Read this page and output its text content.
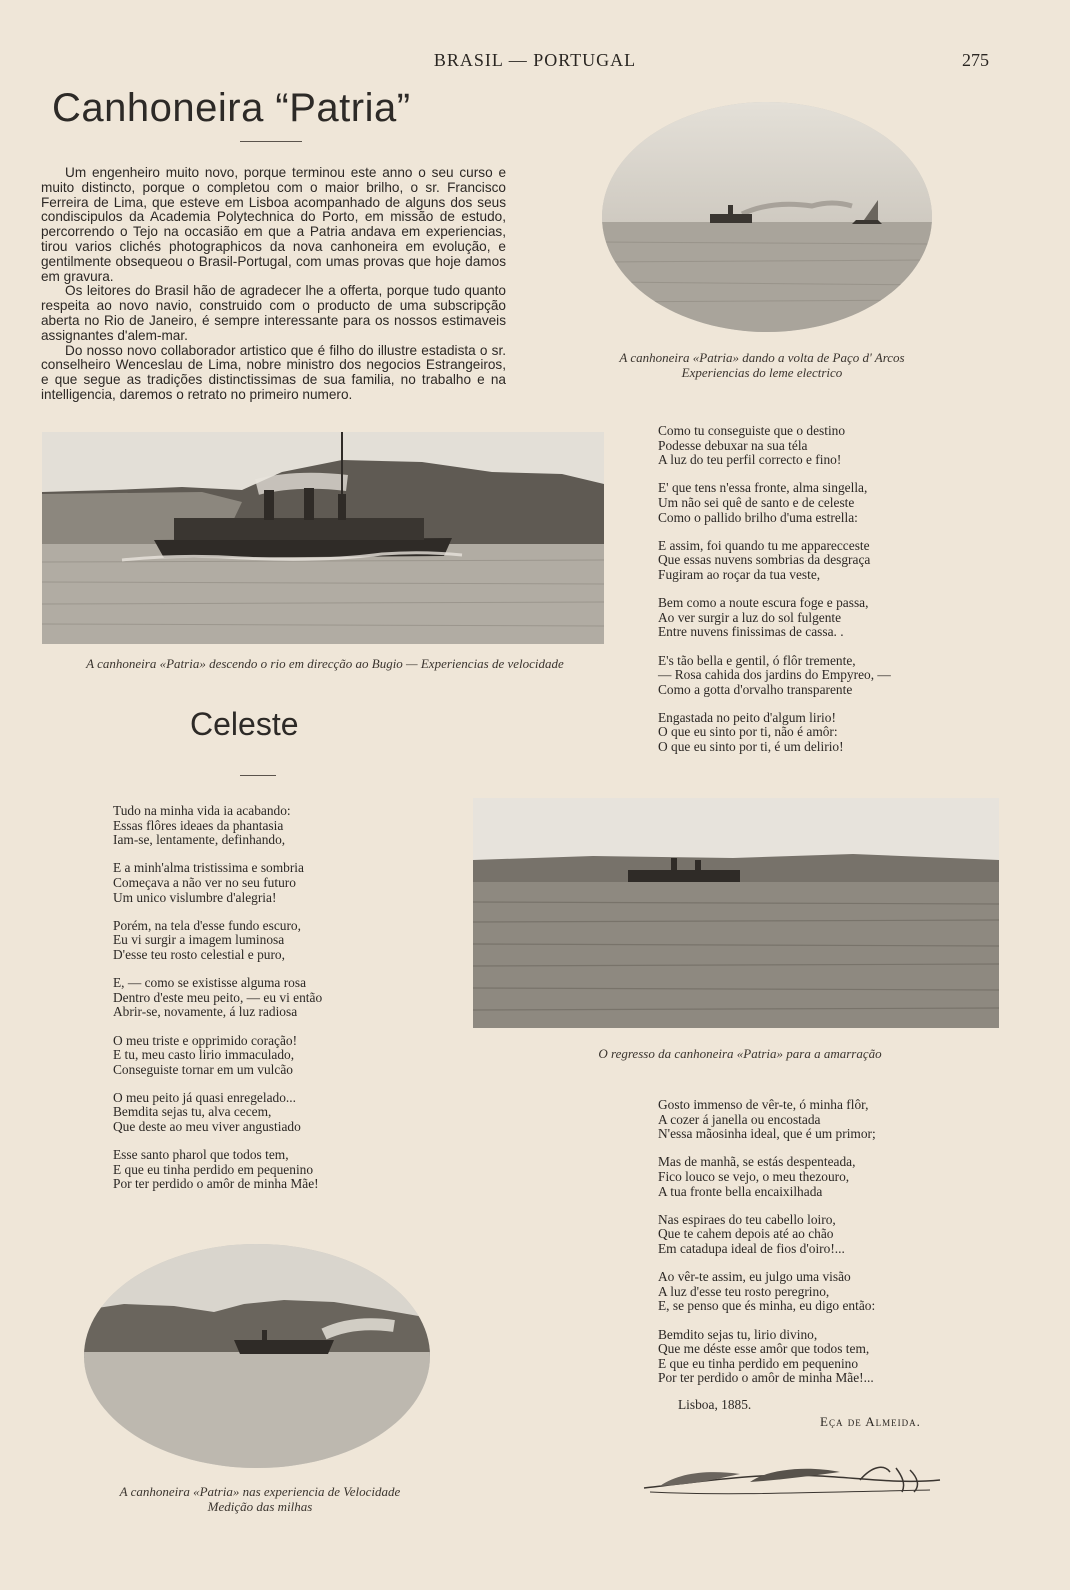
BRASIL — PORTUGAL	275
Canhoneira “Patria”

Um engenheiro muito novo, porque terminou este anno o seu curso e muito distincto, porque o completou com o maior brilho, o sr. Francisco Ferreira de Lima, que esteve em Lisboa acompanhado de alguns dos seus condiscipulos da Academia Polytechnica do Porto, em missão de estudo, percorrendo o Tejo na occasião em que a Patria andava em experiencias, tirou varios clichés photographicos da nova canhoneira em evolução, e gentilmente obsequeou o Brasil-Portugal, com umas provas que hoje damos em gravura.

Os leitores do Brasil hão de agradecer lhe a offerta, porque tudo quanto respeita ao novo navio, construido com o producto de uma subscripção aberta no Rio de Janeiro, é sempre interessante para os nossos estimaveis assignantes d'alem-mar.

Do nosso novo collaborador artistico que é filho do illustre estadista o sr. conselheiro Wenceslau de Lima, nobre ministro dos negocios Estrangeiros, e que segue as tradições distinctissimas de sua familia, no trabalho e na intelligencia, daremos o retrato no primeiro numero.

A canhoneira «Patria» dando a volta de Paço d' Arcos
Experiencias do leme electrico
A canhoneira «Patria» descendo o rio em direcção ao Bugio — Experiencias de velocidade
Celeste
Tudo na minha vida ia acabando:
Essas flôres ideaes da phantasia
Iam-se, lentamente, definhando,
E a minh'alma tristissima e sombria
Começava a não ver no seu futuro
Um unico vislumbre d'alegria!
Porém, na tela d'esse fundo escuro,
Eu vi surgir a imagem luminosa
D'esse teu rosto celestial e puro,
E, — como se existisse alguma rosa
Dentro d'este meu peito, — eu vi então
Abrir-se, novamente, á luz radiosa
O meu triste e opprimido coração!
E tu, meu casto lirio immaculado,
Conseguiste tornar em um vulcão
O meu peito já quasi enregelado...
Bemdita sejas tu, alva cecem,
Que deste ao meu viver angustiado
Esse santo pharol que todos tem,
E que eu tinha perdido em pequenino
Por ter perdido o amôr de minha Mãe!
Como tu conseguiste que o destino
Podesse debuxar na sua téla
A luz do teu perfil correcto e fino!
E' que tens n'essa fronte, alma singella,
Um não sei quê de santo e de celeste
Como o pallido brilho d'uma estrella:
E assim, foi quando tu me apparecceste
Que essas nuvens sombrias da desgraça
Fugiram ao roçar da tua veste,
Bem como a noute escura foge e passa,
Ao ver surgir a luz do sol fulgente
Entre nuvens finissimas de cassa. .
E's tão bella e gentil, ó flôr tremente,
— Rosa cahida dos jardins do Empyreo, —
Como a gotta d'orvalho transparente
Engastada no peito d'algum lirio!
O que eu sinto por ti, não é amôr:
O que eu sinto por ti, é um delirio!
O regresso da canhoneira «Patria» para a amarração
Gosto immenso de vêr-te, ó minha flôr,
A cozer á janella ou encostada
N'essa mãosinha ideal, que é um primor;
Mas de manhã, se estás despenteada,
Fico louco se vejo, o meu thezouro,
A tua fronte bella encaixilhada
Nas espiraes do teu cabello loiro,
Que te cahem depois até ao chão
Em catadupa ideal de fios d'oiro!...
Ao vêr-te assim, eu julgo uma visão
A luz d'esse teu rosto peregrino,
E, se penso que és minha, eu digo então:
Bemdito sejas tu, lirio divino,
Que me déste esse amôr que todos tem,
E que eu tinha perdido em pequenino
Por ter perdido o amôr de minha Mãe!...
Lisboa, 1885.
Eça de Almeida.
A canhoneira «Patria» nas experiencia de Velocidade
Medição das milhas
